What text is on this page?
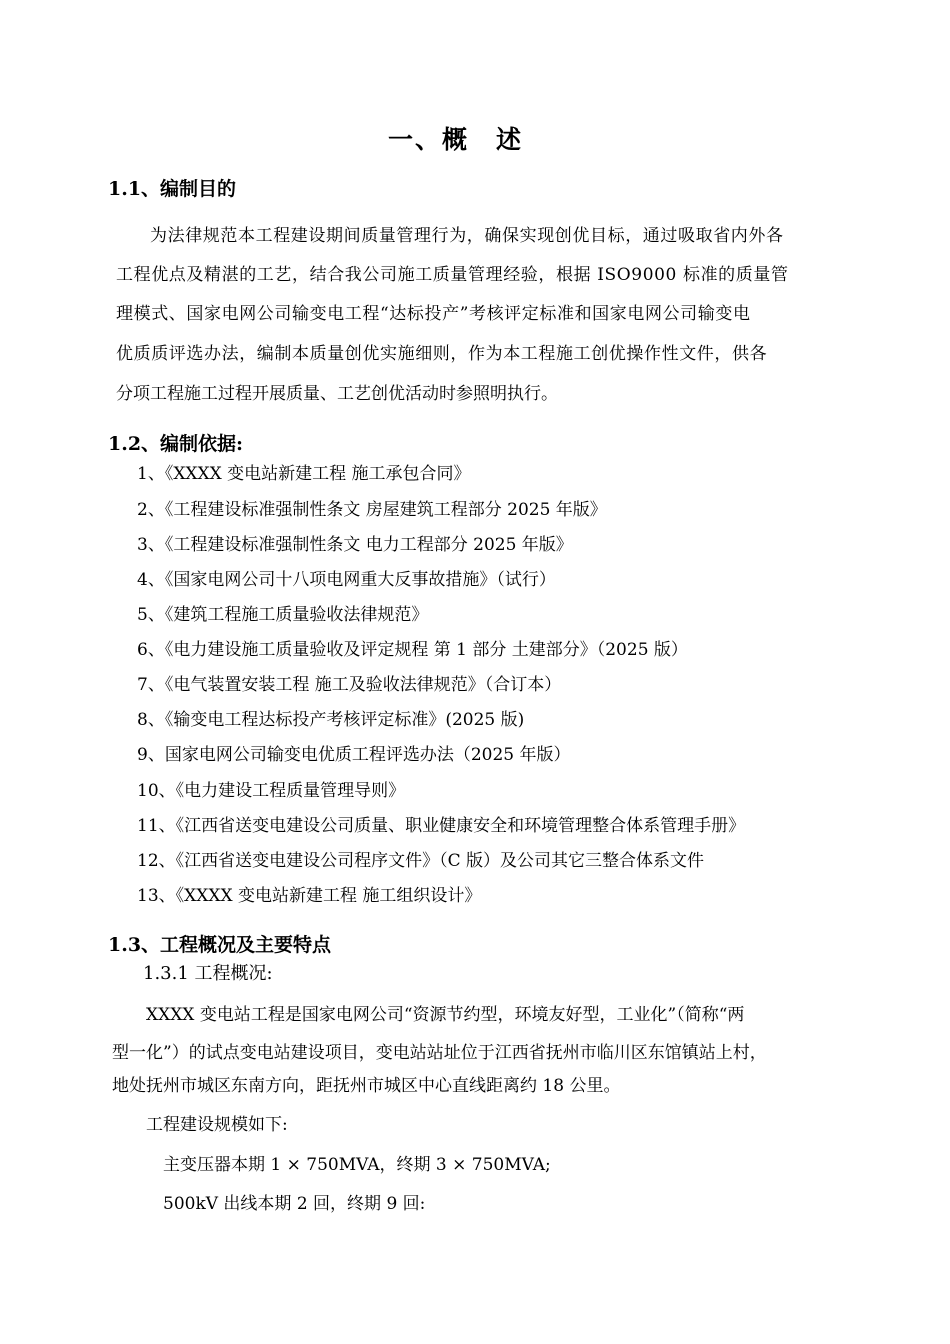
一、概　述
1.1、编制目的
为法律规范本工程建设期间质量管理行为，确保实现创优目标，通过吸取省内外各
工程优点及精湛的工艺，结合我公司施工质量管理经验，根据 ISO9000 标准的质量管
理模式、国家电网公司输变电工程“达标投产”考核评定标准和国家电网公司输变电
优质质评选办法，编制本质量创优实施细则，作为本工程施工创优操作性文件，供各
分项工程施工过程开展质量、工艺创优活动时参照明执行。
1.2、编制依据:
1、《XXXX 变电站新建工程 施工承包合同》
2、《工程建设标准强制性条文 房屋建筑工程部分 2025 年版》
3、《工程建设标准强制性条文 电力工程部分 2025 年版》
4、《国家电网公司十八项电网重大反事故措施》（试行）
5、《建筑工程施工质量验收法律规范》
6、《电力建设施工质量验收及评定规程 第 1 部分 土建部分》（2025 版）
7、《电气装置安装工程 施工及验收法律规范》（合订本）
8、《输变电工程达标投产考核评定标准》(2025 版)
9、国家电网公司输变电优质工程评选办法（2025 年版）
10、《电力建设工程质量管理导则》
11、《江西省送变电建设公司质量、职业健康安全和环境管理整合体系管理手册》
12、《江西省送变电建设公司程序文件》（C 版）及公司其它三整合体系文件
13、《XXXX 变电站新建工程 施工组织设计》
1.3、工程概况及主要特点
1.3.1 工程概况:
XXXX 变电站工程是国家电网公司“资源节约型，环境友好型，工业化”（简称“两
型一化”）的试点变电站建设项目，变电站站址位于江西省抚州市临川区东馆镇站上村，
地处抚州市城区东南方向，距抚州市城区中心直线距离约 18 公里。
工程建设规模如下:
主变压器本期 1 × 750MVA，终期 3 × 750MVA;
500kV 出线本期 2 回，终期 9 回:
